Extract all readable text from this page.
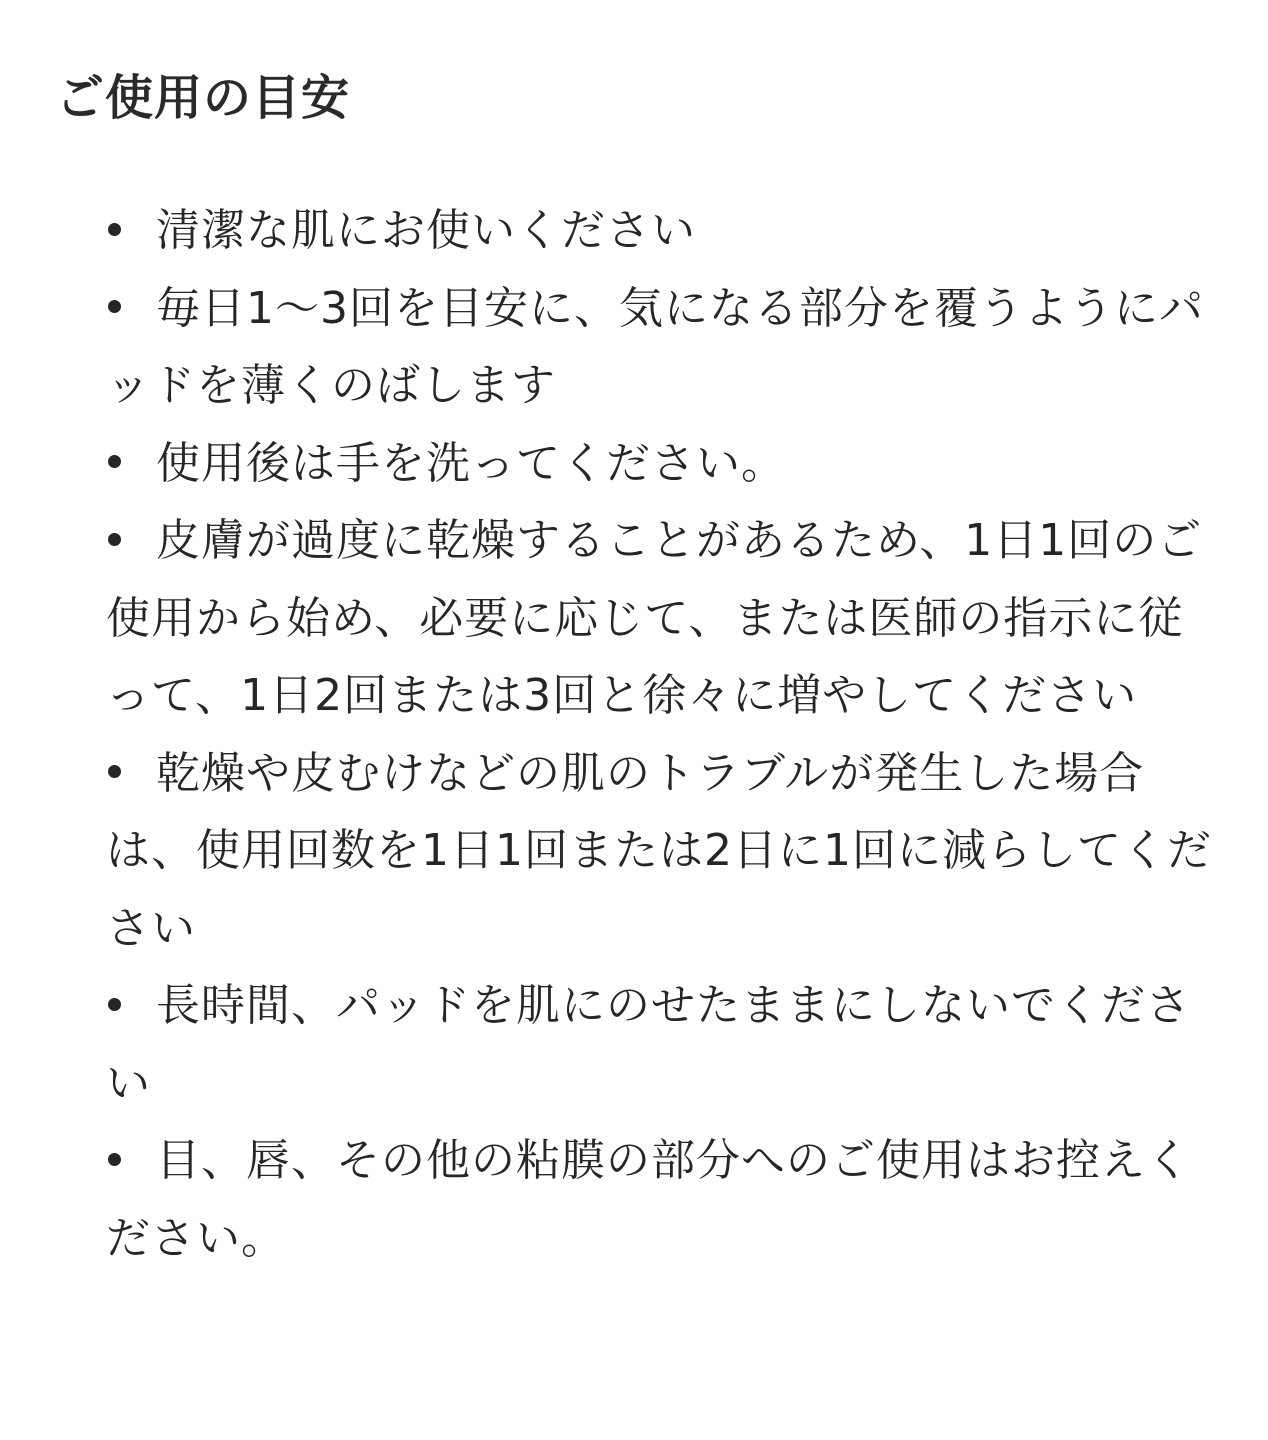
ご使用の目安
清潔な肌にお使いください
毎日1〜3回を目安に、気になる部分を覆うようにパッドを薄くのばします
使用後は手を洗ってください。
皮膚が過度に乾燥することがあるため、1日1回のご使用から始め、必要に応じて、または医師の指示に従って、1日2回または3回と徐々に増やしてください
乾燥や皮むけなどの肌のトラブルが発生した場合は、使用回数を1日1回または2日に1回に減らしてください
長時間、パッドを肌にのせたままにしないでください
目、唇、その他の粘膜の部分へのご使用はお控えください。
